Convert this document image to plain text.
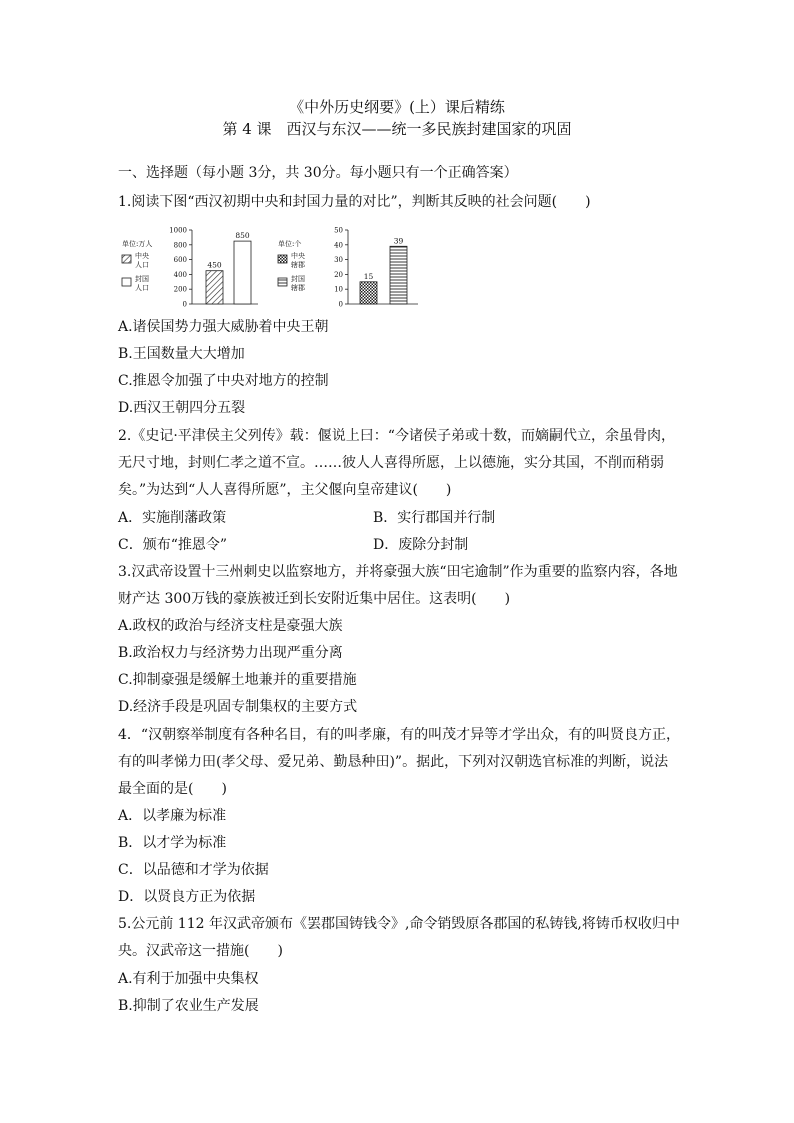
《中外历史纲要》(上）课后精练
第 4 课　西汉与东汉——统一多民族封建国家的巩固
一、选择题（每小题 3分，共 30分。每小题只有一个正确答案）
1.阅读下图“西汉初期中央和封国力量的对比”，判断其反映的社会问题(　　)
单位:万人
中央
人口
封国
人口
0
200
400
600
800
1000
450
850
单位:个
中央
辖郡
封国
辖郡
0
10
20
30
40
50
15
39
A.诸侯国势力强大威胁着中央王朝
B.王国数量大大增加
C.推恩令加强了中央对地方的控制
D.西汉王朝四分五裂
2.《史记·平津侯主父列传》载：偃说上曰：“今诸侯子弟或十数，而嫡嗣代立，余虽骨肉，
无尺寸地，封则仁孝之道不宣。……彼人人喜得所愿，上以德施，实分其国，不削而稍弱
矣。”为达到“人人喜得所愿”，主父偃向皇帝建议(　　)
A．实施削藩政策	B．实行郡国并行制
C．颁布“推恩令”	D．废除分封制
3.汉武帝设置十三州刺史以监察地方，并将豪强大族“田宅逾制”作为重要的监察内容，各地
财产达 300万钱的豪族被迁到长安附近集中居住。这表明(　　)
A.政权的政治与经济支柱是豪强大族
B.政治权力与经济势力出现严重分离
C.抑制豪强是缓解土地兼并的重要措施
D.经济手段是巩固专制集权的主要方式
4．“汉朝察举制度有各种名目，有的叫孝廉，有的叫茂才异等才学出众，有的叫贤良方正，
有的叫孝悌力田(孝父母、爱兄弟、勤恳种田)”。据此，下列对汉朝选官标准的判断，说法
最全面的是(　　)
A．以孝廉为标准
B．以才学为标准
C．以品德和才学为依据
D．以贤良方正为依据
5.公元前 112 年汉武帝颁布《罢郡国铸钱令》,命令销毁原各郡国的私铸钱,将铸币权收归中
央。汉武帝这一措施(　　)
A.有利于加强中央集权
B.抑制了农业生产发展
